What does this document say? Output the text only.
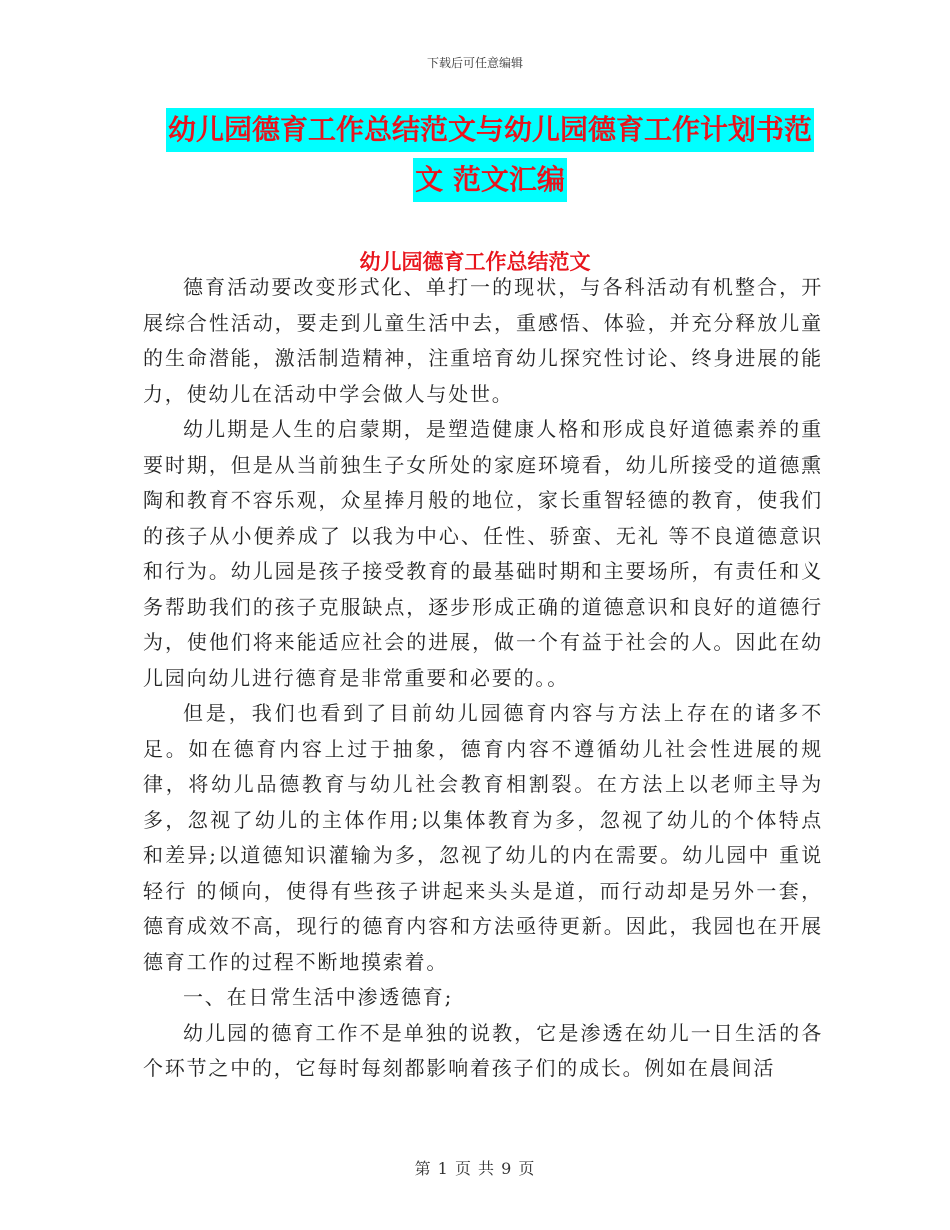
下载后可任意编辑
幼儿园德育工作总结范文与幼儿园德育工作计划书范
文 范文汇编
幼儿园德育工作总结范文

德育活动要改变形式化、单打一的现状，与各科活动有机整合，开展综合性活动，要走到儿童生活中去，重感悟、体验，并充分释放儿童的生命潜能，激活制造精神，注重培育幼儿探究性讨论、终身进展的能力，使幼儿在活动中学会做人与处世。

幼儿期是人生的启蒙期，是塑造健康人格和形成良好道德素养的重要时期，但是从当前独生子女所处的家庭环境看，幼儿所接受的道德熏陶和教育不容乐观，众星捧月般的地位，家长重智轻德的教育，使我们的孩子从小便养成了 以我为中心、任性、骄蛮、无礼 等不良道德意识和行为。幼儿园是孩子接受教育的最基础时期和主要场所，有责任和义务帮助我们的孩子克服缺点，逐步形成正确的道德意识和良好的道德行为，使他们将来能适应社会的进展，做一个有益于社会的人。因此在幼儿园向幼儿进行德育是非常重要和必要的。。

但是，我们也看到了目前幼儿园德育内容与方法上存在的诸多不足。如在德育内容上过于抽象，德育内容不遵循幼儿社会性进展的规律，将幼儿品德教育与幼儿社会教育相割裂。在方法上以老师主导为多，忽视了幼儿的主体作用;以集体教育为多，忽视了幼儿的个体特点和差异;以道德知识灌输为多，忽视了幼儿的内在需要。幼儿园中 重说轻行 的倾向，使得有些孩子讲起来头头是道，而行动却是另外一套，德育成效不高，现行的德育内容和方法亟待更新。因此，我园也在开展德育工作的过程不断地摸索着。

一、在日常生活中渗透德育;

幼儿园的德育工作不是单独的说教，它是渗透在幼儿一日生活的各个环节之中的，它每时每刻都影响着孩子们的成长。例如在晨间活

第 1 页 共 9 页
